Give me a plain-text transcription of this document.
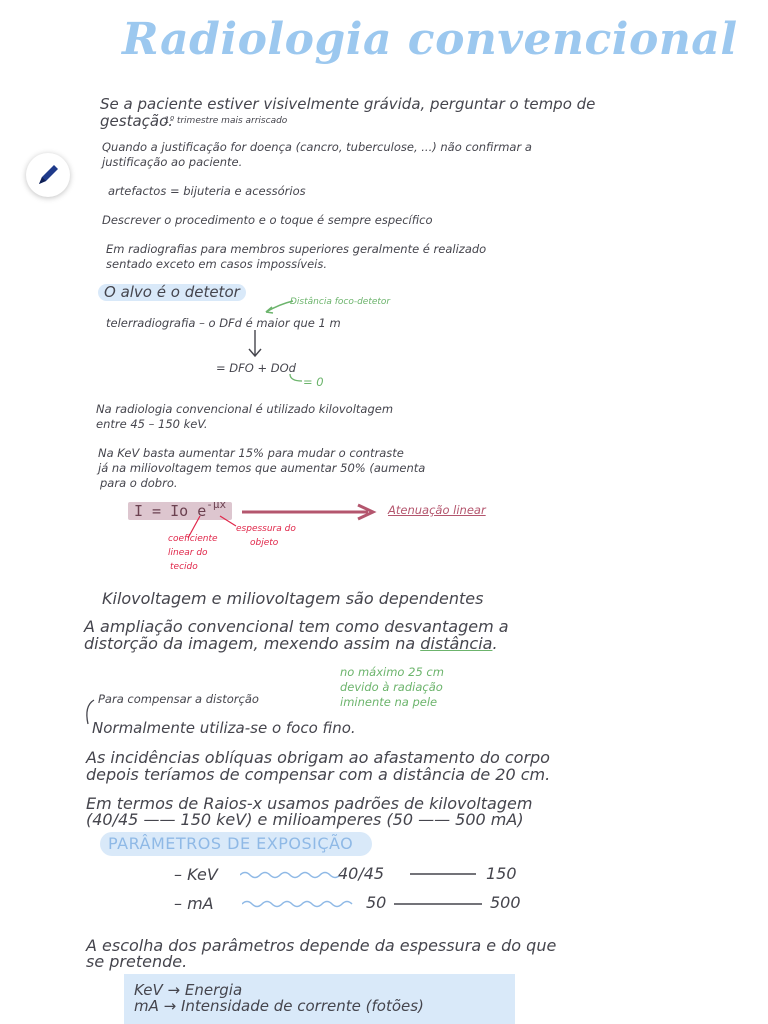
Radiologia convencional
Se a paciente estiver visivelmente grávida, perguntar o tempo de
gestação.
1º trimestre mais arriscado
Quando a justificação for doença (cancro, tuberculose, ...) não confirmar a
justificação ao paciente.
artefactos = bijuteria e acessórios
Descrever o procedimento e o toque é sempre específico
Em radiografias para membros superiores geralmente é realizado
sentado exceto em casos impossíveis.
O alvo é o detetor
Distância foco-detetor
telerradiografia – o DFd é maior que 1 m
= DFO + DOd
= 0
Na radiologia convencional é utilizado kilovoltagem
entre 45 – 150 keV.
Na KeV basta aumentar 15% para mudar o contraste
já na miliovoltagem temos que aumentar 50% (aumenta
para o dobro.
I = Io $e^{-\mu x}$	Atenuação linear
coeficiente
linear do
tecido
espessura do
objeto
Kilovoltagem e miliovoltagem são dependentes
A ampliação convencional tem como desvantagem a
distorção da imagem, mexendo assim na distância.
no máximo 25 cm
devido à radiação
iminente na pele
Para compensar a distorção
Normalmente utiliza-se o foco fino.
As incidências oblíquas obrigam ao afastamento do corpo
depois teríamos de compensar com a distância de 20 cm.
Em termos de Raios-x usamos padrões de kilovoltagem
(40/45 —— 150 keV) e milioamperes (50 —— 500 mA)
PARÂMETROS DE EXPOSIÇÃO
– KeV	40/45	150
– mA	50	500
A escolha dos parâmetros depende da espessura e do que
se pretende.
KeV → Energia
mA → Intensidade de corrente (fotões)
